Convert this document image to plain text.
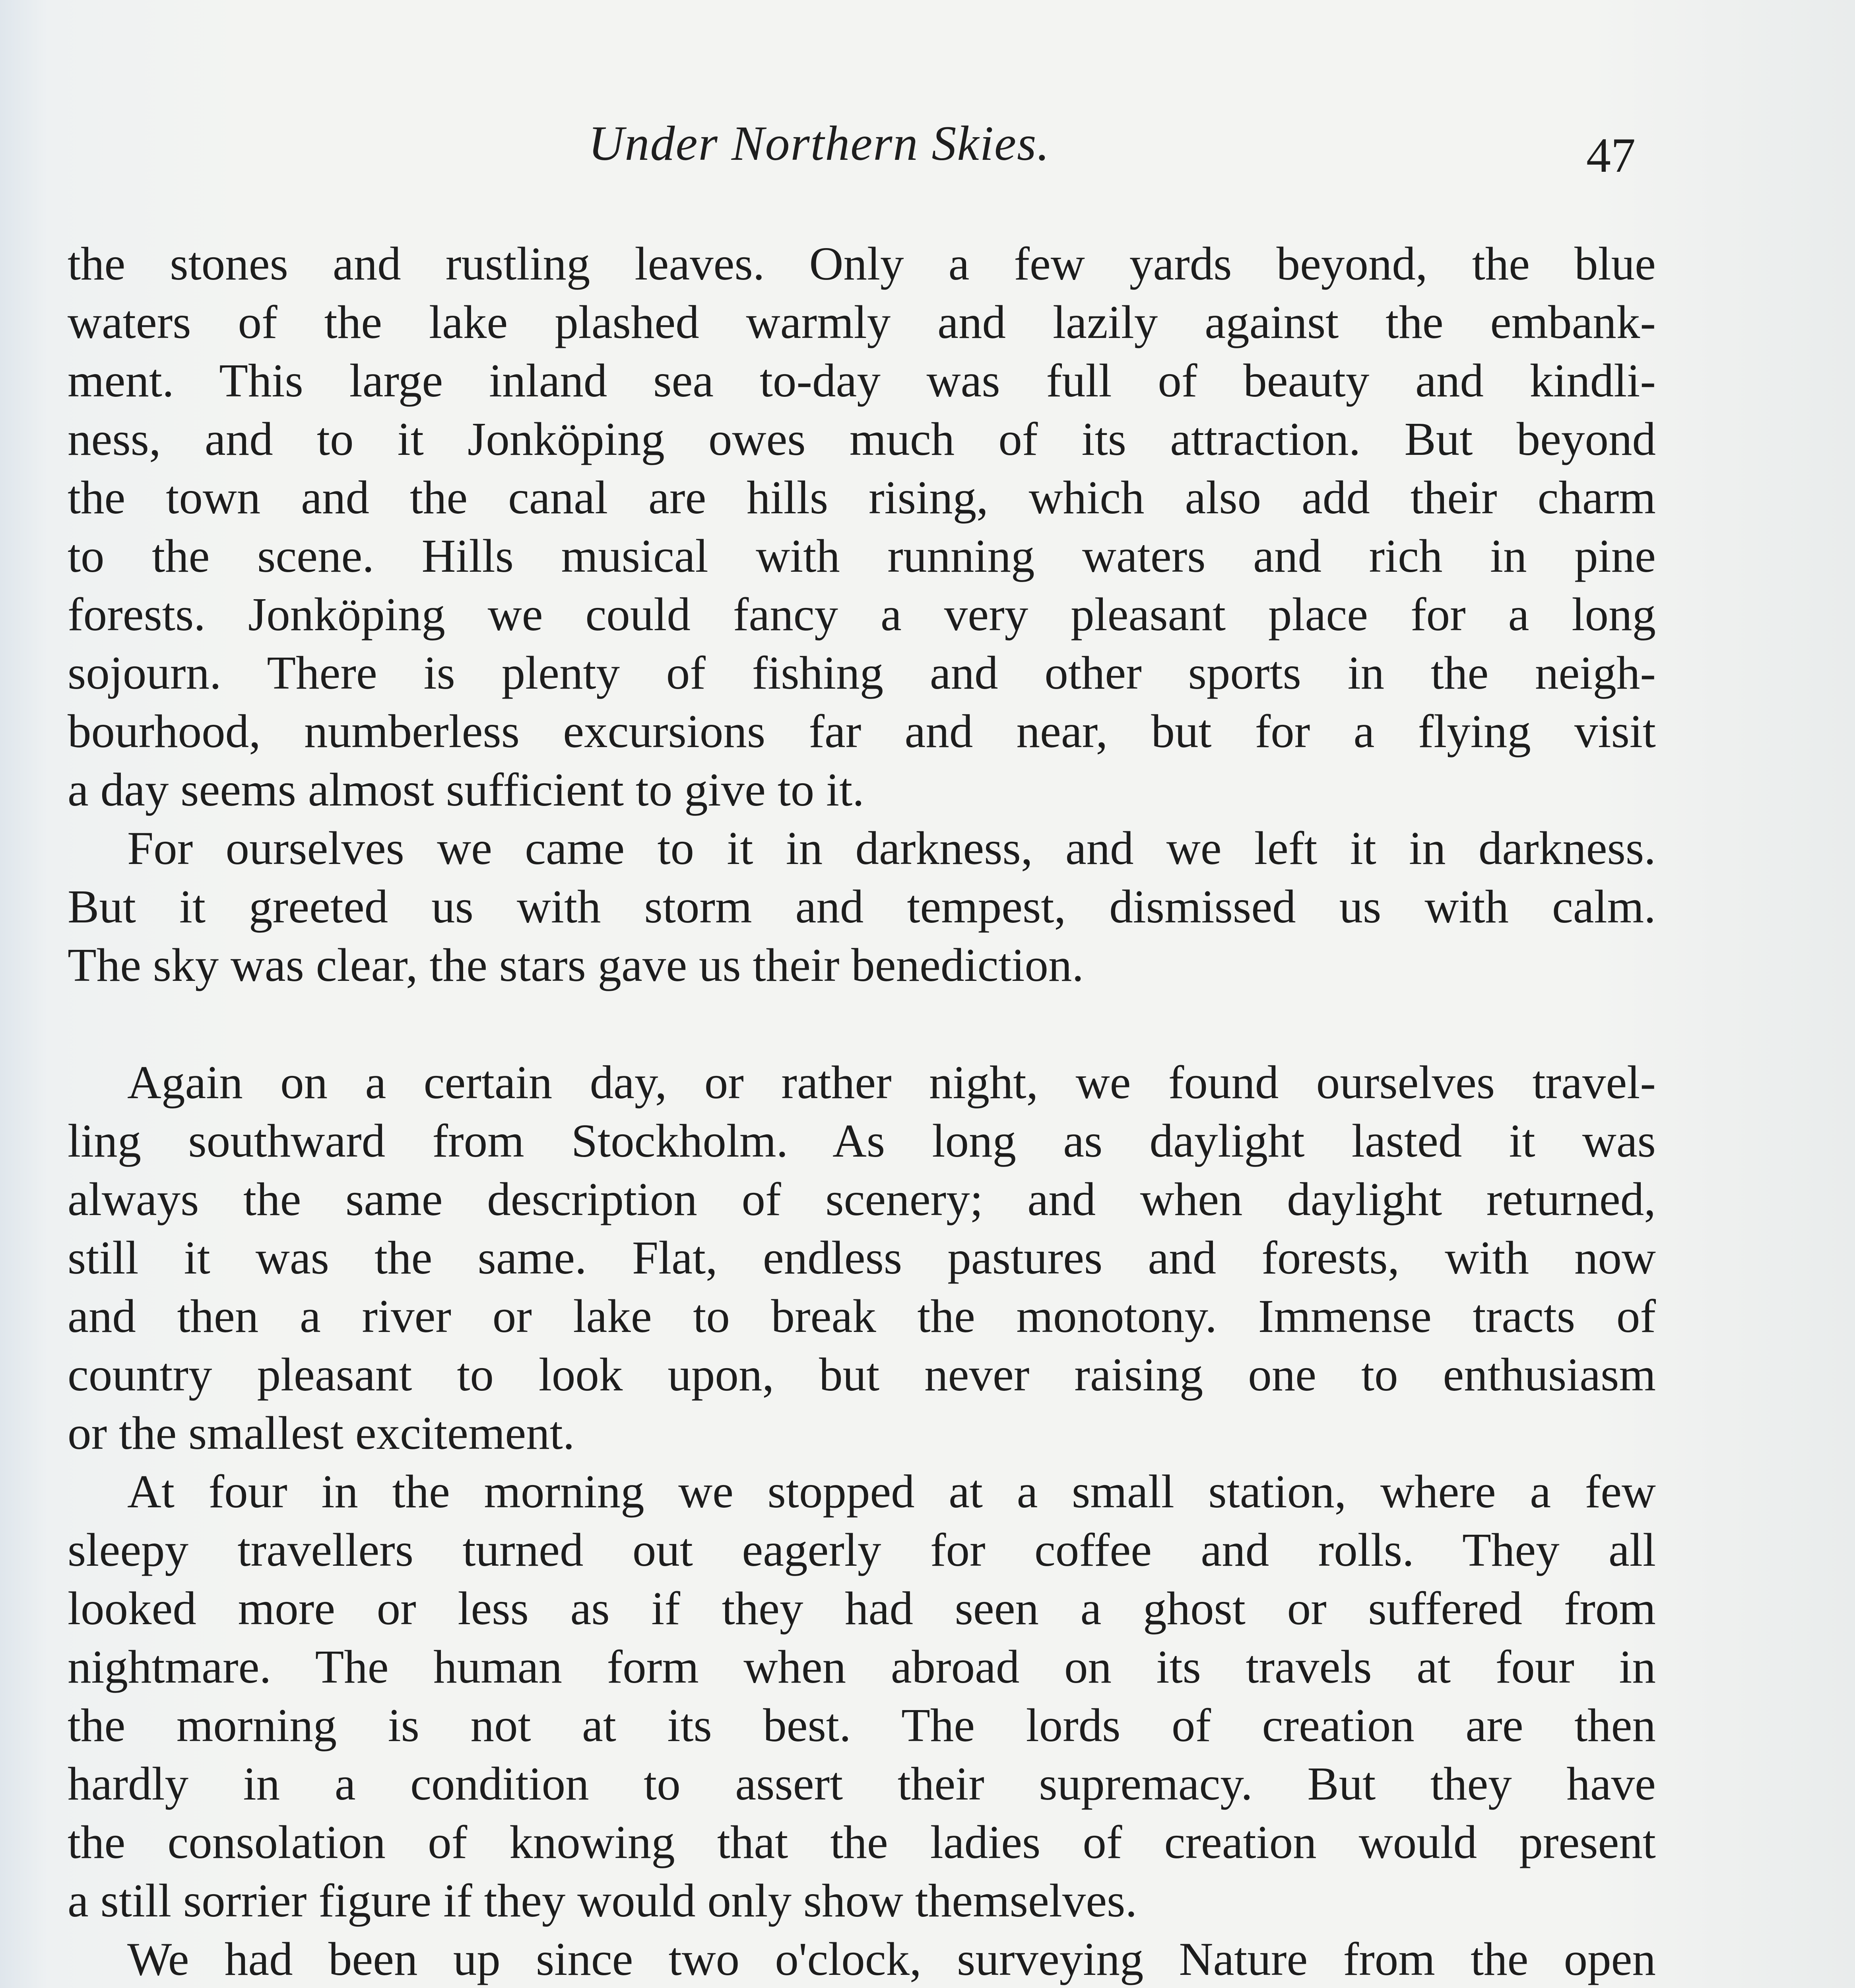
Under Northern Skies.	47
the stones and rustling leaves. Only a few yards beyond, the blue
waters of the lake plashed warmly and lazily against the embank-
ment. This large inland sea to-day was full of beauty and kindli-
ness, and to it Jonköping owes much of its attraction. But beyond
the town and the canal are hills rising, which also add their charm
to the scene. Hills musical with running waters and rich in pine
forests. Jonköping we could fancy a very pleasant place for a long
sojourn. There is plenty of fishing and other sports in the neigh-
bourhood, numberless excursions far and near, but for a flying visit
a day seems almost sufficient to give to it.
For ourselves we came to it in darkness, and we left it in darkness.
But it greeted us with storm and tempest, dismissed us with calm.
The sky was clear, the stars gave us their benediction.
Again on a certain day, or rather night, we found ourselves travel-
ling southward from Stockholm. As long as daylight lasted it was
always the same description of scenery; and when daylight returned,
still it was the same. Flat, endless pastures and forests, with now
and then a river or lake to break the monotony. Immense tracts of
country pleasant to look upon, but never raising one to enthusiasm
or the smallest excitement.
At four in the morning we stopped at a small station, where a few
sleepy travellers turned out eagerly for coffee and rolls. They all
looked more or less as if they had seen a ghost or suffered from
nightmare. The human form when abroad on its travels at four in
the morning is not at its best. The lords of creation are then
hardly in a condition to assert their supremacy. But they have
the consolation of knowing that the ladies of creation would present
a still sorrier figure if they would only show themselves.
We had been up since two o'clock, surveying Nature from the open
